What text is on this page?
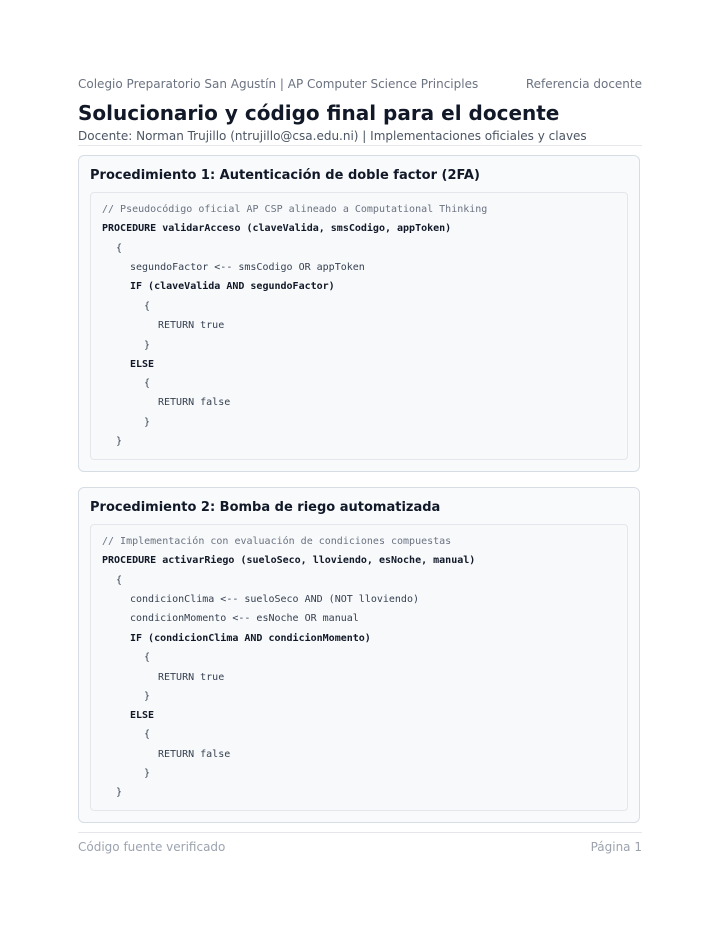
Colegio Preparatorio San Agustín | AP Computer Science Principles	Referencia docente
Solucionario y código final para el docente
Docente: Norman Trujillo (ntrujillo@csa.edu.ni) | Implementaciones oficiales y claves
Procedimiento 1: Autenticación de doble factor (2FA)
// Pseudocódigo oficial AP CSP alineado a Computational Thinking
PROCEDURE validarAcceso (claveValida, smsCodigo, appToken)
{
segundoFactor <-- smsCodigo OR appToken
IF (claveValida AND segundoFactor)
{
RETURN true
}
ELSE
{
RETURN false
}
}
Procedimiento 2: Bomba de riego automatizada
// Implementación con evaluación de condiciones compuestas
PROCEDURE activarRiego (sueloSeco, lloviendo, esNoche, manual)
{
condicionClima <-- sueloSeco AND (NOT lloviendo)
condicionMomento <-- esNoche OR manual
IF (condicionClima AND condicionMomento)
{
RETURN true
}
ELSE
{
RETURN false
}
}
Código fuente verificado	Página 1
